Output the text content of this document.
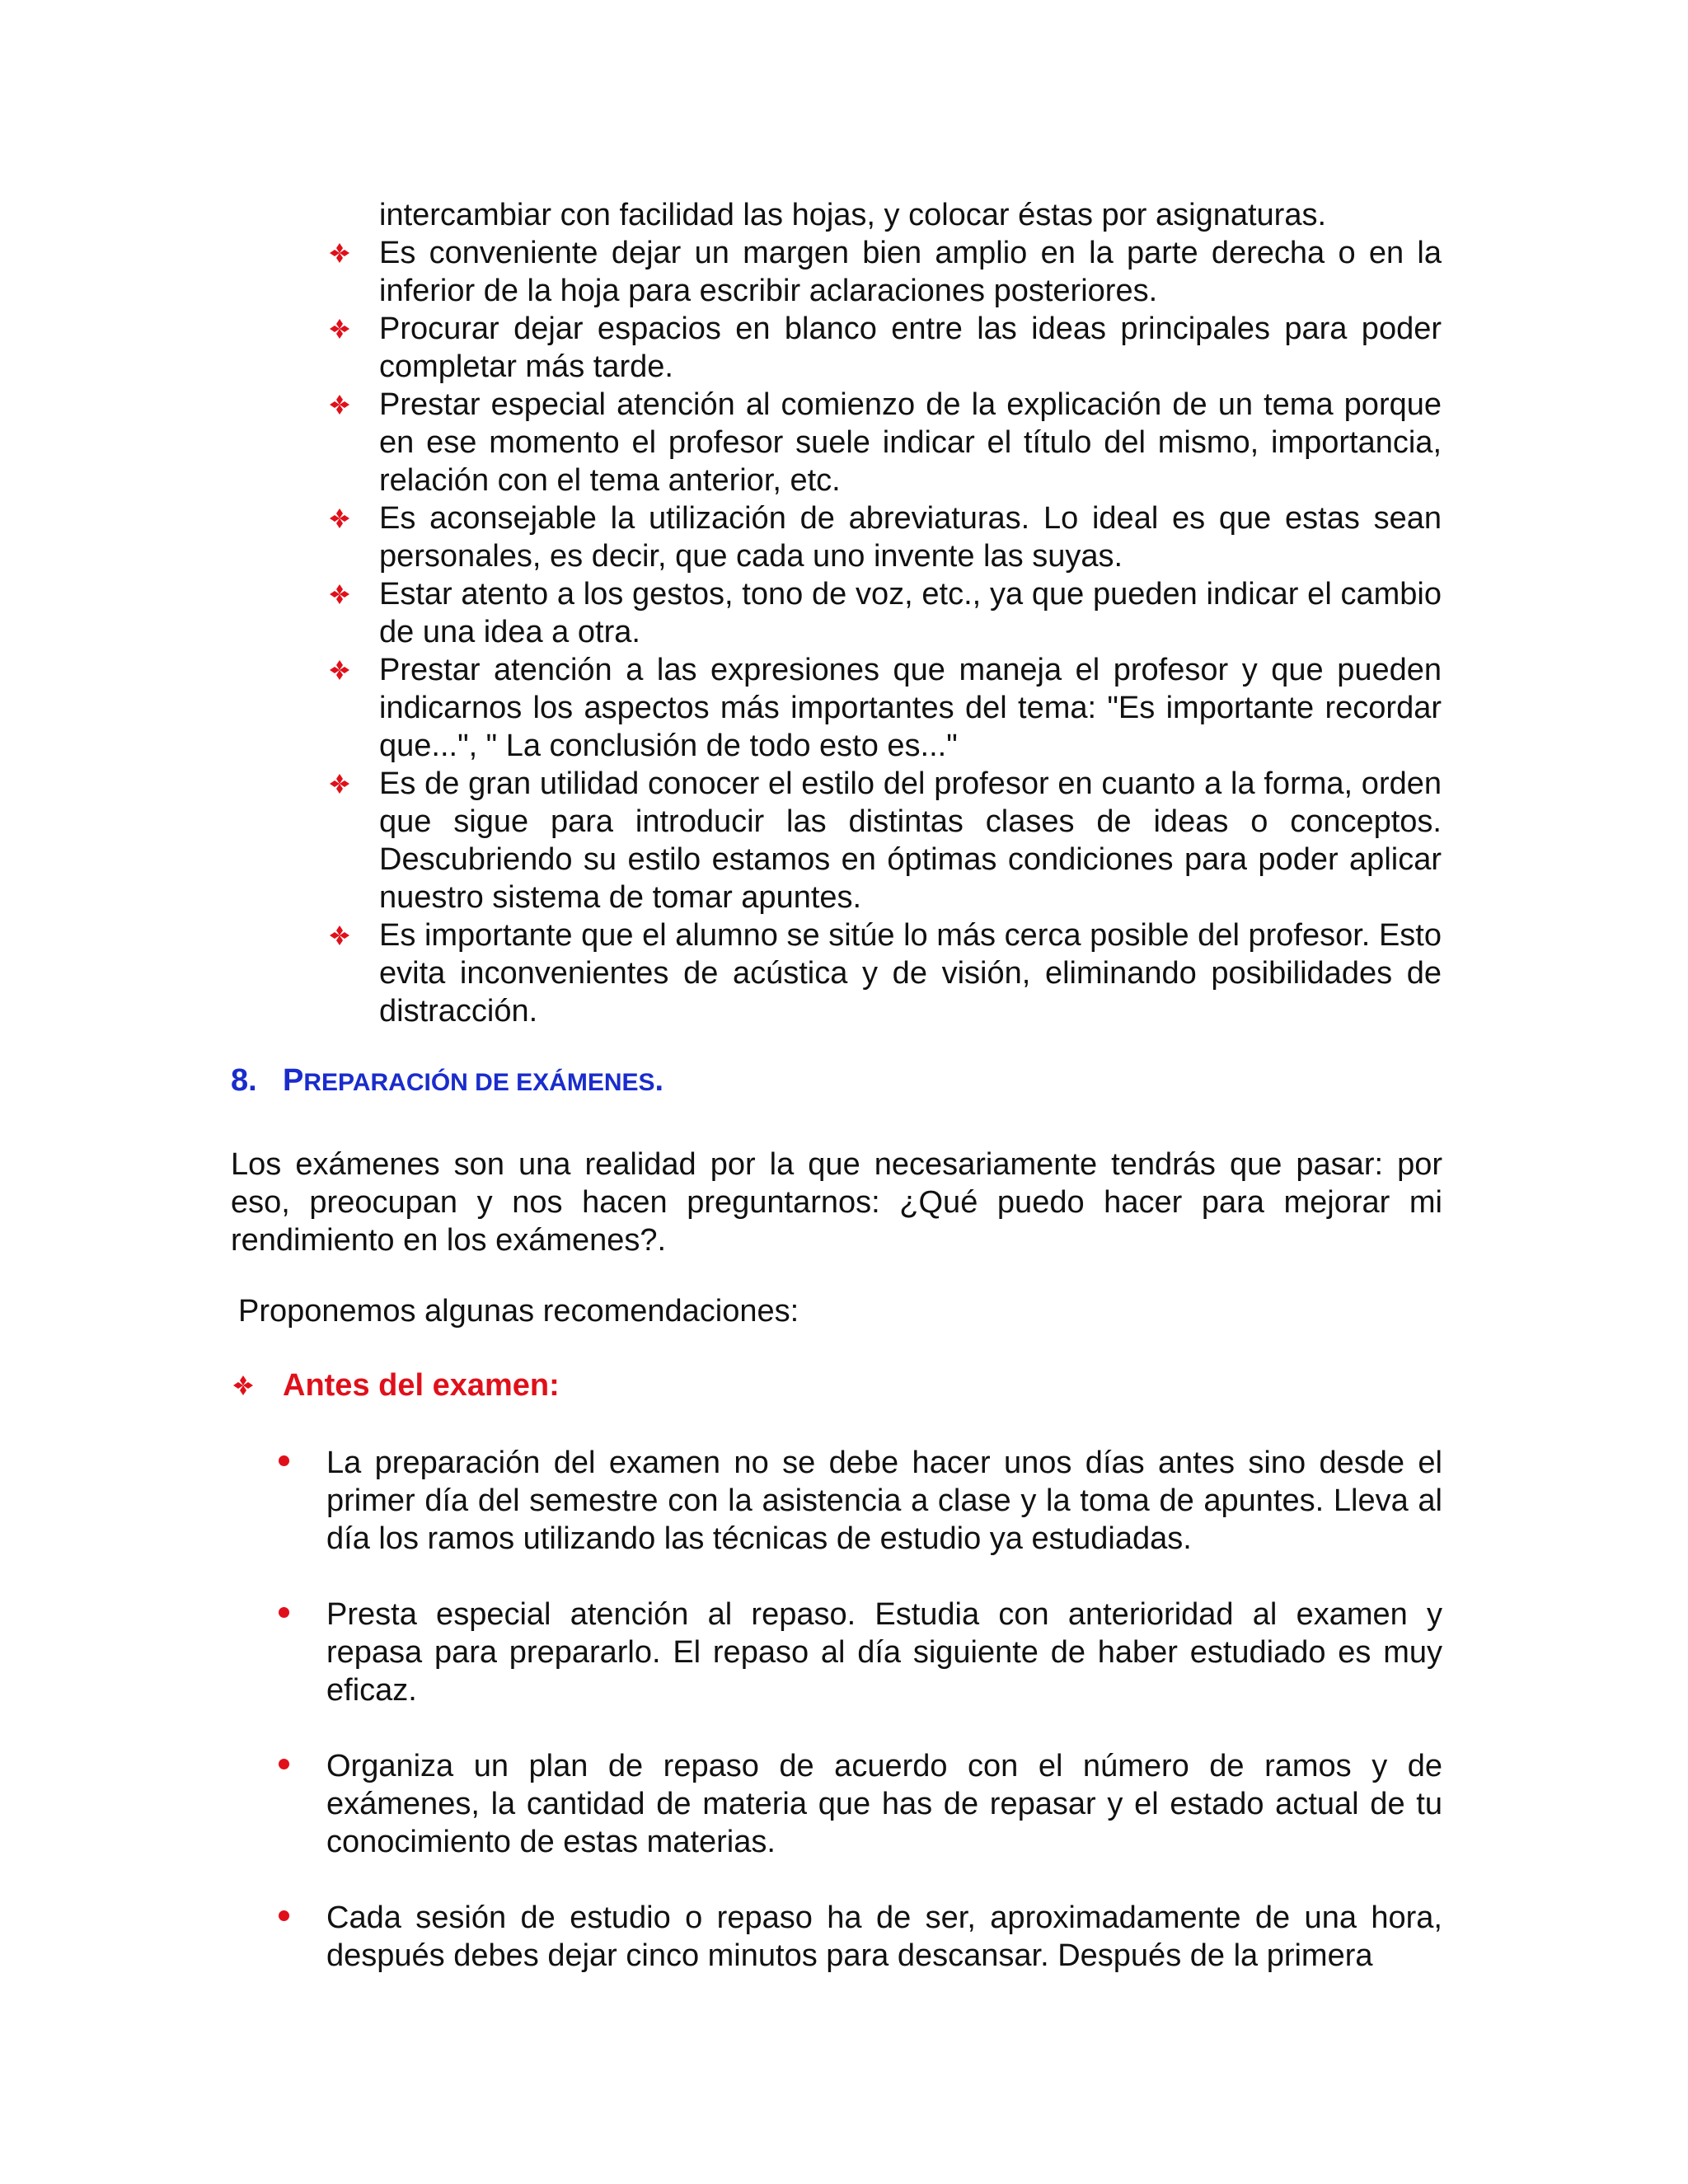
intercambiar con facilidad las hojas, y colocar éstas por asignaturas.
Es conveniente dejar un margen bien amplio en la parte derecha o en la inferior de la hoja para escribir aclaraciones posteriores.
Procurar dejar espacios en blanco entre las ideas principales para poder completar más tarde.
Prestar especial atención al comienzo de la explicación de un tema porque en ese momento el profesor suele indicar el título del mismo, importancia, relación con el tema anterior, etc.
Es aconsejable la utilización de abreviaturas. Lo ideal es que estas sean personales, es decir, que cada uno invente las suyas.
Estar atento a los gestos, tono de voz, etc., ya que pueden indicar el cambio de una idea a otra.
Prestar atención a las expresiones que maneja el profesor y que pueden indicarnos los aspectos más importantes del tema: "Es importante recordar que...", " La conclusión de todo esto es..."
Es de gran utilidad conocer el estilo del profesor en cuanto a la forma, orden que sigue para introducir las distintas clases de ideas o conceptos. Descubriendo su estilo estamos en óptimas condiciones para poder aplicar nuestro sistema de tomar apuntes.
Es importante que el alumno se sitúe lo más cerca posible del profesor. Esto evita inconvenientes de acústica y de visión, eliminando posibilidades de distracción.
8. PREPARACIÓN DE EXÁMENES.
Los exámenes son una realidad por la que necesariamente tendrás que pasar: por eso, preocupan y nos hacen preguntarnos: ¿Qué puedo hacer para mejorar mi rendimiento en los exámenes?.
Proponemos algunas recomendaciones:
Antes del examen:
La preparación del examen no se debe hacer unos días antes sino desde el primer día del semestre con la asistencia a clase y la toma de apuntes. Lleva al día los ramos utilizando las técnicas de estudio ya estudiadas.
Presta especial atención al repaso. Estudia con anterioridad al examen y repasa para prepararlo. El repaso al día siguiente de haber estudiado es muy eficaz.
Organiza un plan de repaso de acuerdo con el número de ramos y de exámenes, la cantidad de materia que has de repasar y el estado actual de tu conocimiento de estas materias.
Cada sesión de estudio o repaso ha de ser, aproximadamente de una hora, después debes dejar cinco minutos para descansar. Después de la primera
